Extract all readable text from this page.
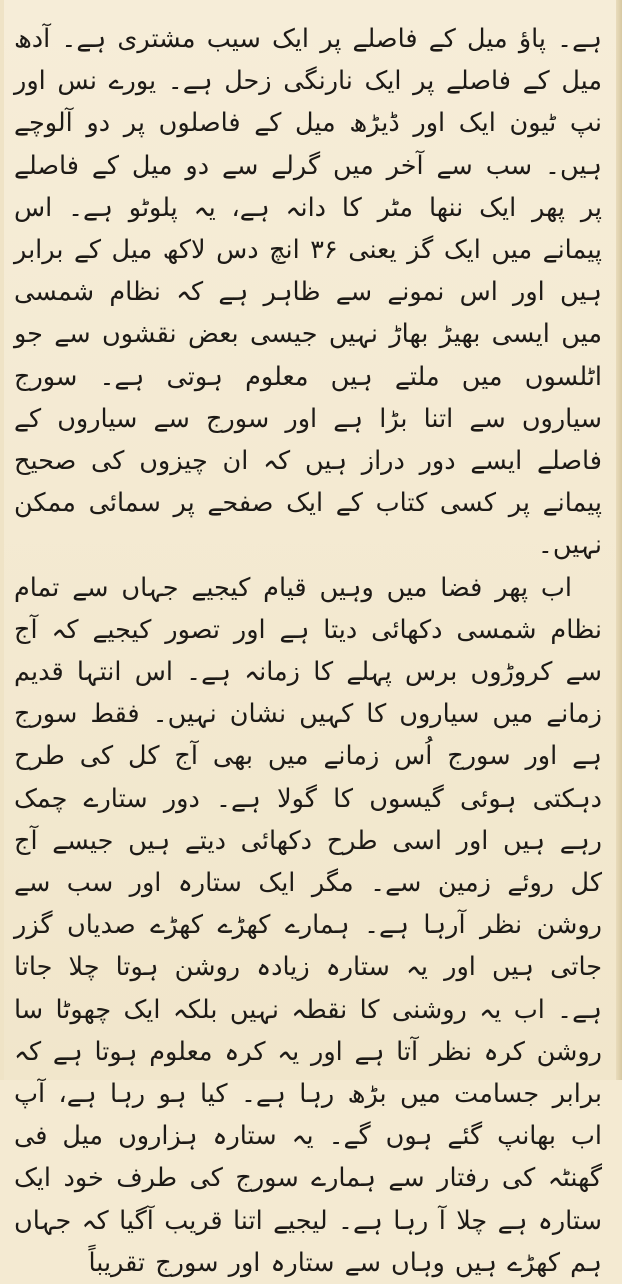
ہے۔ پاؤ میل کے فاصلے پر ایک سیب مشتری ہے۔ آدھ میل کے فاصلے پر ایک نارنگی زحل ہے۔ یورے نس اور نپ ٹیون ایک اور ڈیڑھ میل کے فاصلوں پر دو آلوچے ہیں۔ سب سے آخر میں گرلے سے دو میل کے فاصلے پر پھر ایک ننھا مٹر کا دانہ ہے، یہ پلوٹو ہے۔ اس پیمانے میں ایک گز یعنی ۳۶ انچ دس لاکھ میل کے برابر ہیں اور اس نمونے سے ظاہر ہے کہ نظام شمسی میں ایسی بھیڑ بھاڑ نہیں جیسی بعض نقشوں سے جو اٹلسوں میں ملتے ہیں معلوم ہوتی ہے۔ سورج سیاروں سے اتنا بڑا ہے اور سورج سے سیاروں کے فاصلے ایسے دور دراز ہیں کہ ان چیزوں کی صحیح پیمانے پر کسی کتاب کے ایک صفحے پر سمائی ممکن نہیں۔

اب پھر فضا میں وہیں قیام کیجیے جہاں سے تمام نظام شمسی دکھائی دیتا ہے اور تصور کیجیے کہ آج سے کروڑوں برس پہلے کا زمانہ ہے۔ اس انتہا قدیم زمانے میں سیاروں کا کہیں نشان نہیں۔ فقط سورج ہے اور سورج اُس زمانے میں بھی آج کل کی طرح دہکتی ہوئی گیسوں کا گولا ہے۔ دور ستارے چمک رہے ہیں اور اسی طرح دکھائی دیتے ہیں جیسے آج کل روئے زمین سے۔ مگر ایک ستارہ اور سب سے روشن نظر آرہا ہے۔ ہمارے کھڑے کھڑے صدیاں گزر جاتی ہیں اور یہ ستارہ زیادہ روشن ہوتا چلا جاتا ہے۔ اب یہ روشنی کا نقطہ نہیں بلکہ ایک چھوٹا سا روشن کرہ نظر آتا ہے اور یہ کرہ معلوم ہوتا ہے کہ برابر جسامت میں بڑھ رہا ہے۔ کیا ہو رہا ہے، آپ اب بھانپ گئے ہوں گے۔ یہ ستارہ ہزاروں میل فی گھنٹہ کی رفتار سے ہمارے سورج کی طرف خود ایک ستارہ ہے چلا آ رہا ہے۔ لیجیے اتنا قریب آگیا کہ جہاں ہم کھڑے ہیں وہاں سے ستارہ اور سورج تقریباً
